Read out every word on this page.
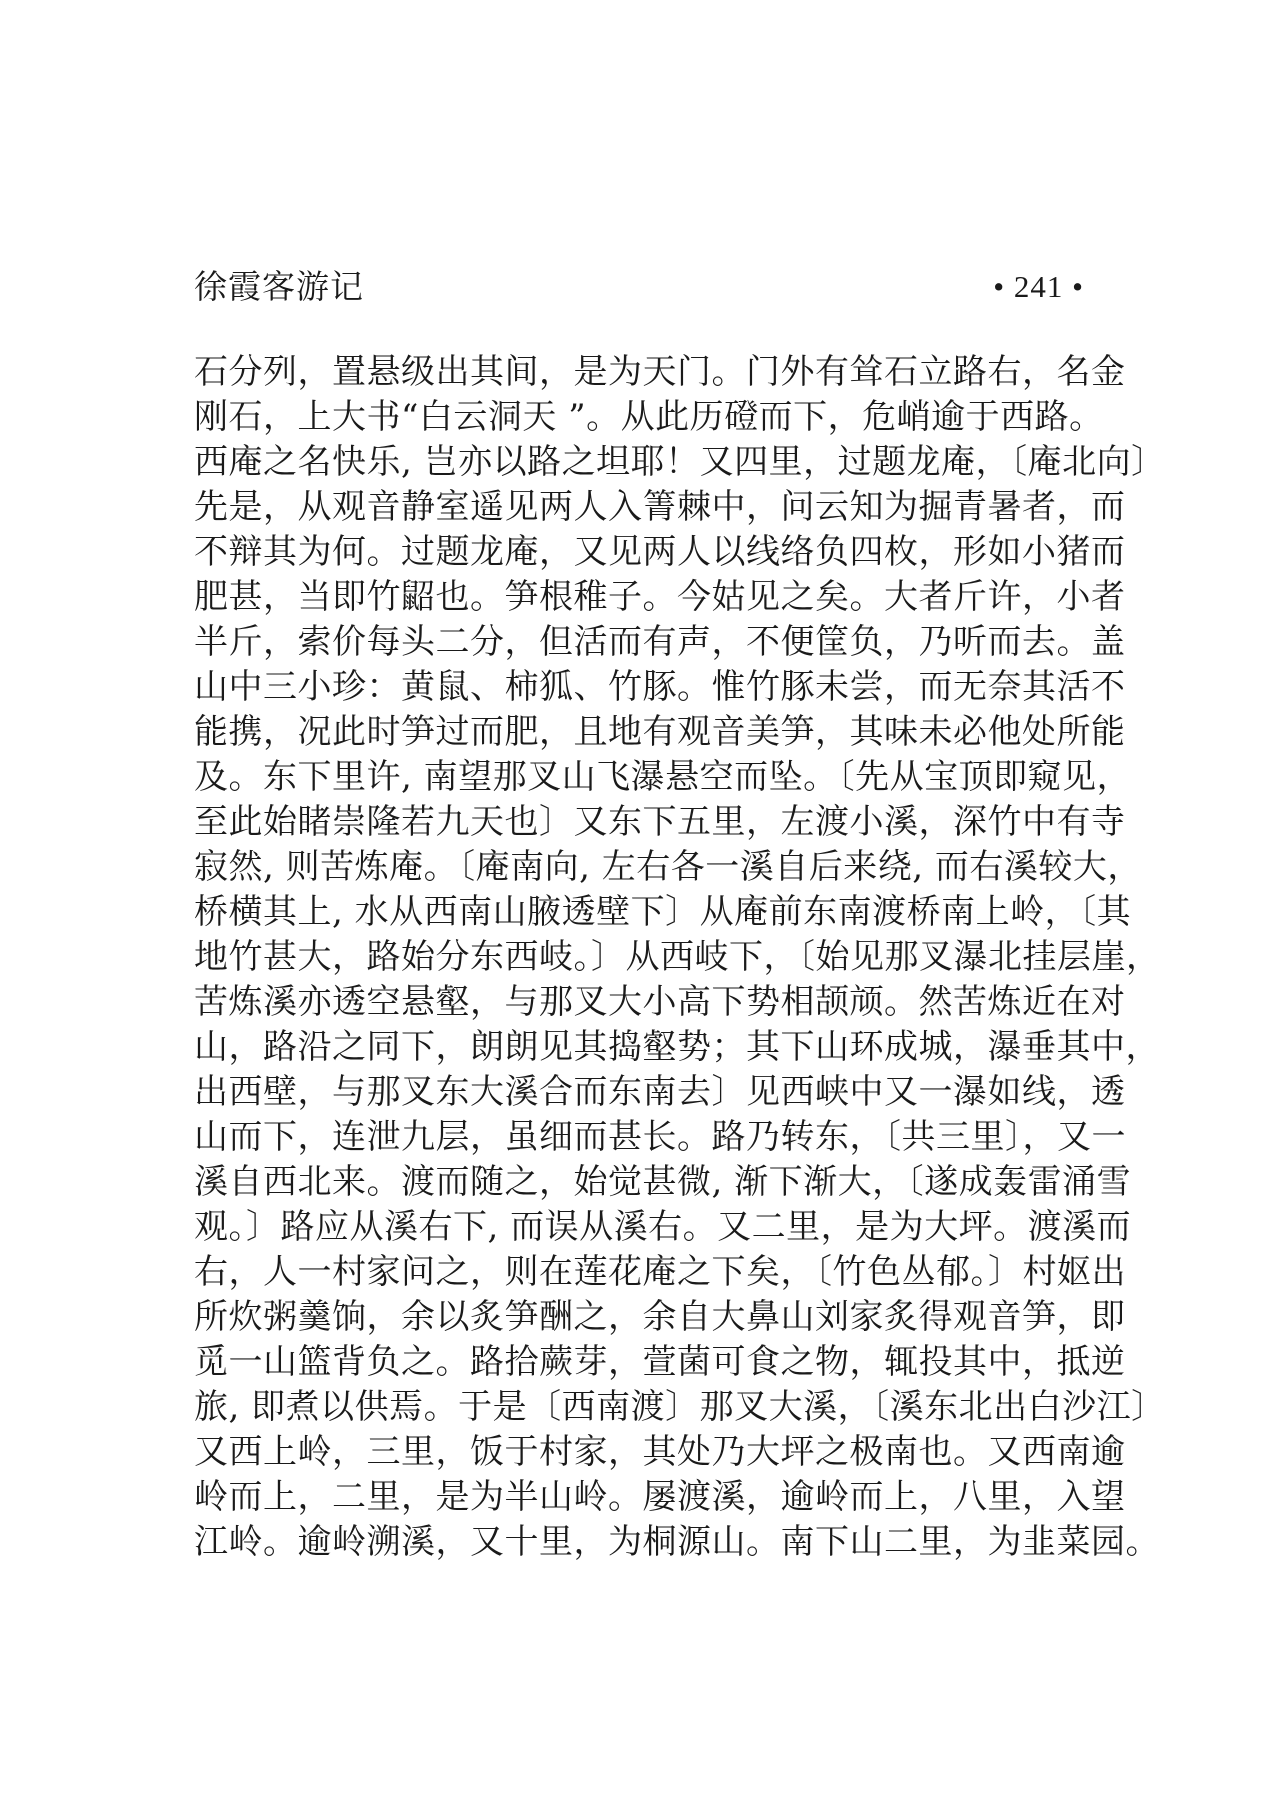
徐霞客游记	• 241 •
石分列，置悬级出其间，是为天门。门外有耸石立路右，名金
刚石，上大书“白云洞天 ”。从此历磴而下，危峭逾于西路。
西庵之名快乐, 岂亦以路之坦耶！又四里，过题龙庵，〔庵北向〕
先是，从观音静室遥见两人入箐棘中，问云知为掘青暑者，而
不辩其为何。过题龙庵，又见两人以线络负四枚，形如小猪而
肥甚，当即竹鼦也。笋根稚子。今姑见之矣。大者斤许，小者
半斤，索价每头二分，但活而有声，不便筐负，乃听而去。盖
山中三小珍：黄鼠、柿狐、竹豚。惟竹豚未尝，而无奈其活不
能携，况此时笋过而肥，且地有观音美笋，其味未必他处所能
及。东下里许, 南望那叉山飞瀑悬空而坠。〔先从宝顶即窥见，
至此始睹崇隆若九天也〕又东下五里，左渡小溪，深竹中有寺
寂然, 则苦炼庵。〔庵南向, 左右各一溪自后来绕, 而右溪较大，
桥横其上, 水从西南山腋透壁下〕从庵前东南渡桥南上岭，〔其
地竹甚大，路始分东西岐。〕从西岐下，〔始见那叉瀑北挂层崖，
苦炼溪亦透空悬壑，与那叉大小高下势相颉颃。然苦炼近在对
山，路沿之同下，朗朗见其捣壑势；其下山环成城，瀑垂其中，
出西壁，与那叉东大溪合而东南去〕见西峡中又一瀑如线，透
山而下，连泄九层，虽细而甚长。路乃转东，〔共三里〕，又一
溪自西北来。渡而随之，始觉甚微, 渐下渐大，〔遂成轰雷涌雪
观。〕路应从溪右下, 而误从溪右。又二里，是为大坪。渡溪而
右，人一村家问之，则在莲花庵之下矣，〔竹色丛郁。〕村妪出
所炊粥羹饷，余以炙笋酬之，余自大鼻山刘家炙得观音笋，即
觅一山篮背负之。路拾蕨芽，萱菌可食之物，辄投其中，抵逆
旅, 即煮以供焉。于是〔西南渡〕那叉大溪，〔溪东北出白沙江〕
又西上岭，三里，饭于村家，其处乃大坪之极南也。又西南逾
岭而上，二里，是为半山岭。屡渡溪，逾岭而上，八里，入望
江岭。逾岭溯溪，又十里，为桐源山。南下山二里，为韭菜园。
